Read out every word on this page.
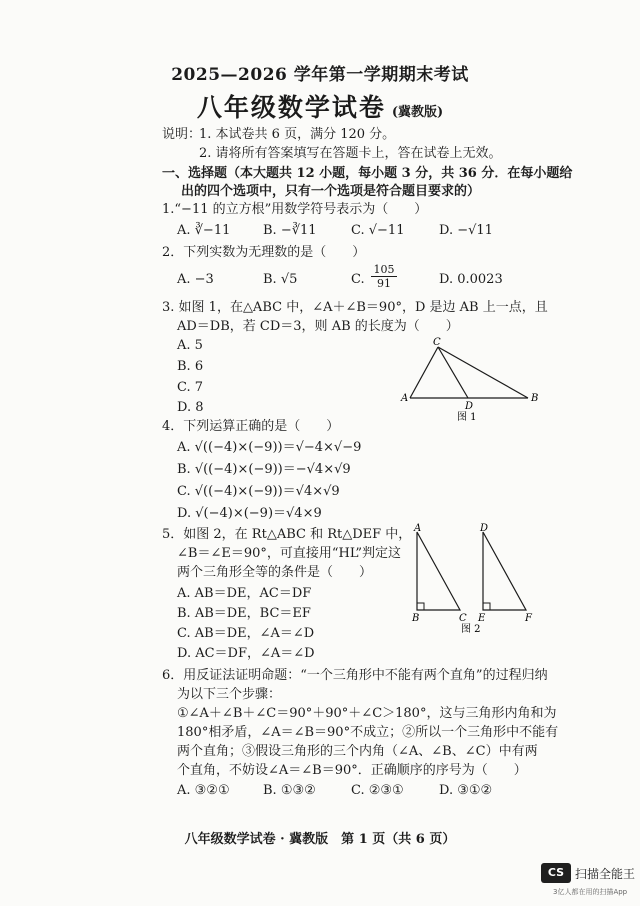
2025—2026 学年第一学期期末考试
八年级数学试卷 (冀教版)
说明：
1. 本试卷共 6 页，满分 120 分。
2. 请将所有答案填写在答题卡上，答在试卷上无效。
一、选择题（本大题共 12 小题，每小题 3 分，共 36 分．在每小题给
出的四个选项中，只有一个选项是符合题目要求的）
1.“−11 的立方根”用数学符号表示为（　　）
A. ∛−11	B. −∛11	C. √−11	D. −√11
2．下列实数为无理数的是（　　）
A. −3	B. √5	C. $\frac{105}{91}$	D. 0.0023
3. 如图 1，在△ABC 中，∠A＋∠B＝90°，D 是边 AB 上一点，且
AD＝DB，若 CD＝3，则 AB 的长度为（　　）
A. 5
B. 6
C. 7
D. 8
C
A
D
B
图 1
4．下列运算正确的是（　　）
A. √((−4)×(−9))＝√−4×√−9
B. √((−4)×(−9))＝−√4×√9
C. √((−4)×(−9))＝√4×√9
D. √(−4)×(−9)＝√4×9
5．如图 2，在 Rt△ABC 和 Rt△DEF 中，
∠B＝∠E＝90°，可直接用“HL”判定这
两个三角形全等的条件是（　　）
A. AB＝DE，AC＝DF
B. AB＝DE，BC＝EF
C. AB＝DE，∠A＝∠D
D. AC＝DF，∠A＝∠D
A
B	C
D
E	F
图 2
6．用反证法证明命题：“一个三角形中不能有两个直角”的过程归纳
为以下三个步骤：
①∠A＋∠B＋∠C＝90°＋90°＋∠C＞180°，这与三角形内角和为
180°相矛盾，∠A＝∠B＝90°不成立；②所以一个三角形中不能有
两个直角；③假设三角形的三个内角（∠A、∠B、∠C）中有两
个直角，不妨设∠A＝∠B＝90°．正确顺序的序号为（　　）
A. ③②①	B. ①③②	C. ②③①	D. ③①②
八年级数学试卷 · 冀教版　第 1 页（共 6 页）
CS 扫描全能王
3亿人都在用的扫描App
